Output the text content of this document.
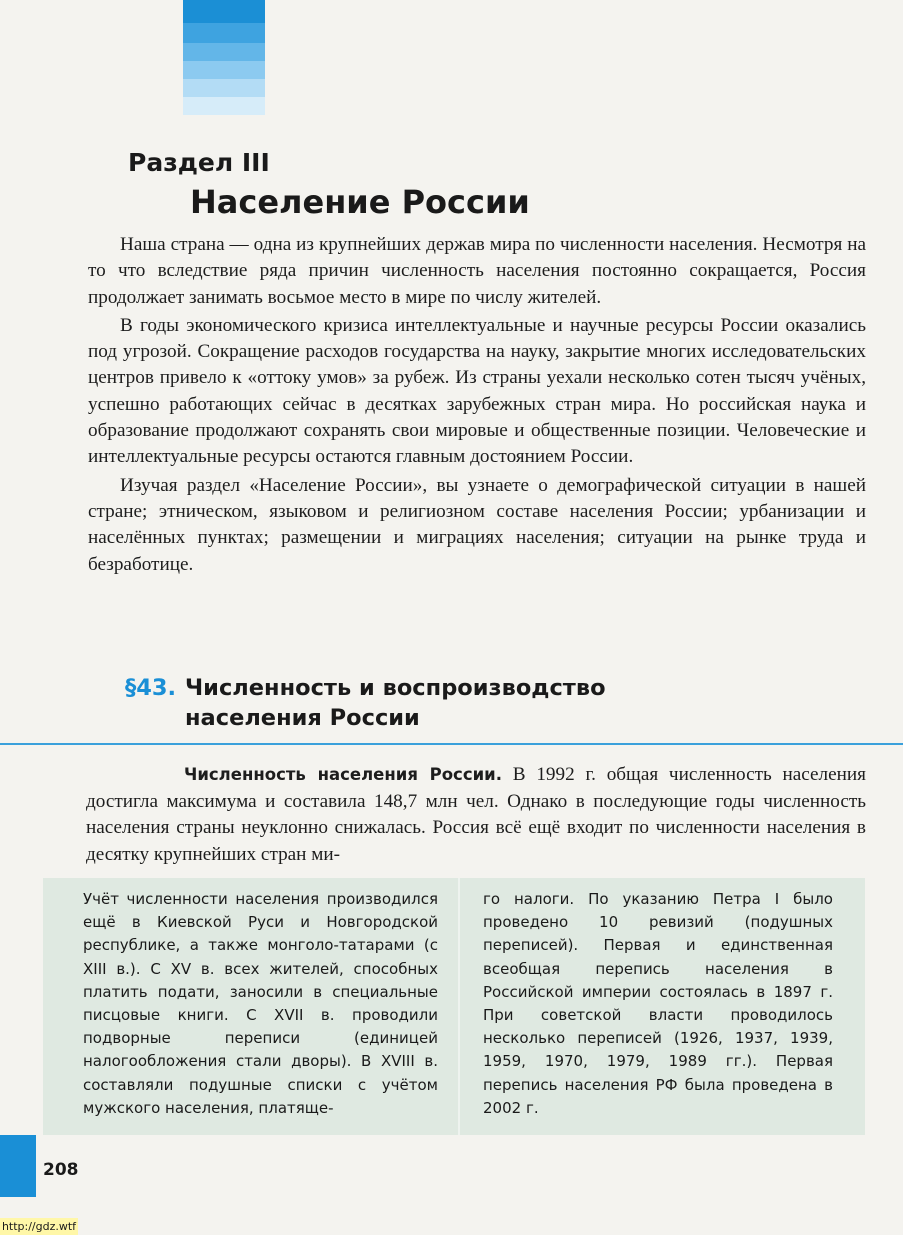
Раздел III
Население России

Наша страна — одна из крупнейших держав мира по численности населения. Несмотря на то что вследствие ряда причин численность населения постоянно сокращается, Россия продолжает занимать восьмое место в мире по числу жителей.

В годы экономического кризиса интеллектуальные и научные ресурсы России оказались под угрозой. Сокращение расходов государства на науку, закрытие многих исследовательских центров привело к «оттоку умов» за рубеж. Из страны уехали несколько сотен тысяч учёных, успешно работающих сейчас в десятках зарубежных стран мира. Но российская наука и образование продолжают сохранять свои мировые и общественные позиции. Человеческие и интеллектуальные ресурсы остаются главным достоянием России.

Изучая раздел «Население России», вы узнаете о демографической ситуации в нашей стране; этническом, языковом и религиозном составе населения России; урбанизации и населённых пунктах; размещении и миграциях населения; ситуации на рынке труда и безработице.

§43. Численность и воспроизводство
населения России

Численность населения России. В 1992 г. общая численность населения достигла максимума и составила 148,7 млн чел. Однако в последующие годы численность населения страны неуклонно снижалась. Россия всё ещё входит по численности населения в десятку крупнейших стран ми-

Учёт численности населения производился ещё в Киевской Руси и Новгородской республике, а также монголо-татарами (с XIII в.). С XV в. всех жителей, способных платить подати, заносили в специальные писцовые книги. С XVII в. проводили подворные переписи (единицей налогообложения стали дворы). В XVIII в. составляли подушные списки с учётом мужского населения, платяще-
го налоги. По указанию Петра I было проведено 10 ревизий (подушных переписей). Первая и единственная всеобщая перепись населения в Российской империи состоялась в 1897 г. При советской власти проводилось несколько переписей (1926, 1937, 1939, 1959, 1970, 1979, 1989 гг.). Первая перепись населения РФ была проведена в 2002 г.
208
http://gdz.wtf
